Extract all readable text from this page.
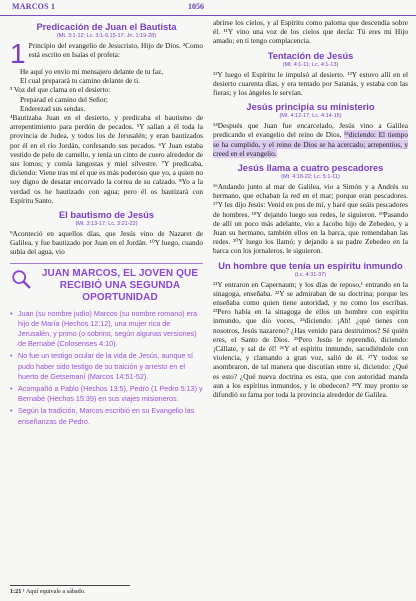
MARCOS 1	1056

Predicación de Juan el Bautista

(Mt. 3:1-12; Lc. 3:1-9,15-17; Jn. 1:19-28)

1 Principio del evangelio de Jesucristo, Hijo de Dios. ²Como está escrito en Isaías el profeta:

He aquí yo envío mi mensajero delante de tu faz,

El cual preparará tu camino delante de ti.

³ Voz del que clama en el desierto:

Preparad el camino del Señor;

Enderezad sus sendas.

⁴Bautizaba Juan en el desierto, y predicaba el bautismo de arrepentimiento para perdón de pecados. ⁵Y salían a él toda la provincia de Judea, y todos los de Jerusalén; y eran bautizados por él en el río Jordán, confesando sus pecados. ⁶Y Juan estaba vestido de pelo de camello, y tenía un cinto de cuero alrededor de sus lomos; y comía langostas y miel silvestre. ⁷Y predicaba, diciendo: Viene tras mí el que es más poderoso que yo, a quien no soy digno de desatar encorvado la correa de su calzado. ⁸Yo a la verdad os he bautizado con agua; pero él os bautizará con Espíritu Santo.

El bautismo de Jesús

(Mt. 3:13-17; Lc. 3:21-22)

⁹Aconteció en aquellos días, que Jesús vino de Nazaret de Galilea, y fue bautizado por Juan en el Jordán. ¹⁰Y luego, cuando subía del agua, vio

JUAN MARCOS, EL JOVEN QUE RECIBIÓ UNA SEGUNDA OPORTUNIDAD
• Juan (su nombre judío) Marcos (su nombre romano) era hijo de María (Hechos 12:12), una mujer rica de Jerusalén, y primo (o sobrino, según algunas versiones) de Bernabé (Colosenses 4:10).
• No fue un testigo ocular de la vida de Jesús, aunque sí pudo haber sido testigo de su traición y arresto en el huerto de Getsemaní (Marcos 14:51-52).
• Acompañó a Pablo (Hechos 13:5), Pedro (1 Pedro 5:13) y Bernabé (Hechos 15:39) en sus viajes misioneros.
• Según la tradición, Marcos escribió en su Evangelio las enseñanzas de Pedro.

abrirse los cielos, y al Espíritu como paloma que descendía sobre él. ¹¹Y vino una voz de los cielos que decía: Tú eres mi Hijo amado; en ti tengo complacencia.

Tentación de Jesús

(Mt. 4:1-11; Lc. 4:1-13)

¹²Y luego el Espíritu le impulsó al desierto. ¹³Y estuvo allí en el desierto cuarenta días, y era tentado por Satanás, y estaba con las fieras; y los ángeles le servían.

Jesús principia su ministerio

(Mt. 4:12-17; Lc. 4:14-15)

¹⁴Después que Juan fue encarcelado, Jesús vino a Galilea predicando el evangelio del reino de Dios, ¹⁵diciendo: El tiempo se ha cumplido, y el reino de Dios se ha acercado; arrepentíos, y creed en el evangelio.

Jesús llama a cuatro pescadores

(Mt. 4:18-22; Lc. 5:1-11)

¹⁶Andando junto al mar de Galilea, vio a Simón y a Andrés su hermano, que echaban la red en el mar; porque eran pescadores. ¹⁷Y les dijo Jesús: Venid en pos de mí, y haré que seáis pescadores de hombres. ¹⁸Y dejando luego sus redes, le siguieron. ¹⁹Pasando de allí un poco más adelante, vio a Jacobo hijo de Zebedeo, y a Juan su hermano, también ellos en la barca, que remendaban las redes. ²⁰Y luego los llamó; y dejando a su padre Zebedeo en la barca con los jornaleros, le siguieron.

Un hombre que tenía un espíritu inmundo

(Lc. 4:31-37)

²¹Y entraron en Capernaum; y los días de reposo,¹ entrando en la sinagoga, enseñaba. ²²Y se admiraban de su doctrina; porque les enseñaba como quien tiene autoridad, y no como los escribas. ²³Pero había en la sinagoga de ellos un hombre con espíritu inmundo, que dio voces, ²⁴diciendo: ¡Ah! ¿qué tienes con nosotros, Jesús nazareno? ¿Has venido para destruirnos? Sé quién eres, el Santo de Dios. ²⁵Pero Jesús le reprendió, diciendo: ¡Cállate, y sal de él! ²⁶Y el espíritu inmundo, sacudiéndole con violencia, y clamando a gran voz, salió de él. ²⁷Y todos se asombraron, de tal manera que discutían entre sí, diciendo: ¿Qué es esto? ¿Qué nueva doctrina es esta, que con autoridad manda aun a los espíritus inmundos, y le obedecen? ²⁸Y muy pronto se difundió su fama por toda la provincia alrededor de Galilea.

1:21 ¹ Aquí equivale a sábado.
